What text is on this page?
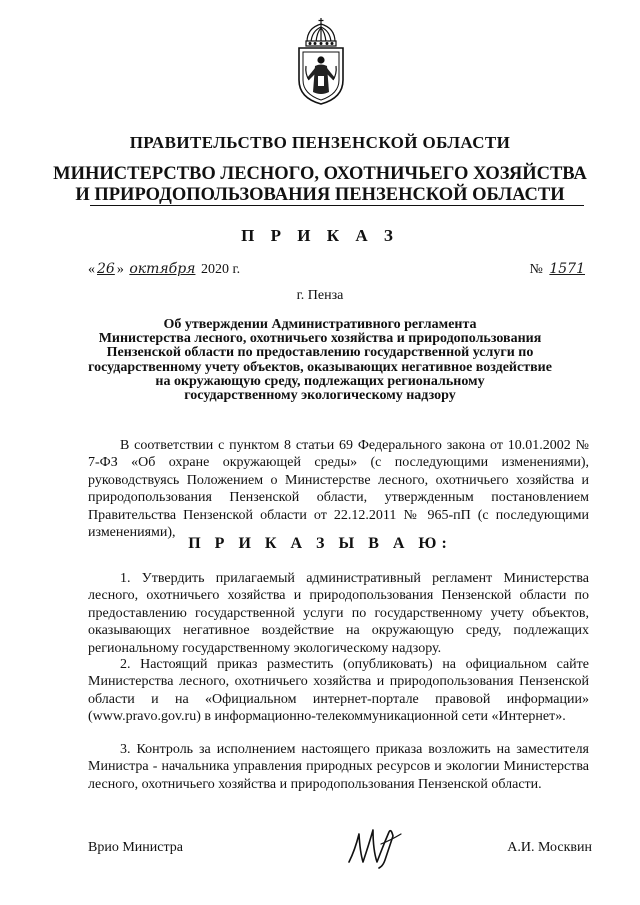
ПРАВИТЕЛЬСТВО ПЕНЗЕНСКОЙ ОБЛАСТИ
МИНИСТЕРСТВО ЛЕСНОГО, ОХОТНИЧЬЕГО ХОЗЯЙСТВА
И ПРИРОДОПОЛЬЗОВАНИЯ ПЕНЗЕНСКОЙ ОБЛАСТИ
П Р И К А З
« 26 » октября 2020 г.	№ 1571
г. Пенза
Об утверждении Административного регламента
Министерства лесного, охотничьего хозяйства и природопользования
Пензенской области по предоставлению государственной услуги по
государственному учету объектов, оказывающих негативное воздействие
на окружающую среду, подлежащих региональному
государственному экологическому надзору
В соответствии с пунктом 8 статьи 69 Федерального закона от 10.01.2002 № 7-ФЗ «Об охране окружающей среды» (с последующими изменениями), руководствуясь Положением о Министерстве лесного, охотничьего хозяйства и природопользования Пензенской области, утвержденным постановлением Правительства Пензенской области от 22.12.2011 № 965-пП (с последующими изменениями),
П Р И К А З Ы В А Ю:
1. Утвердить прилагаемый административный регламент Министерства лесного, охотничьего хозяйства и природопользования Пензенской области по предоставлению государственной услуги по государственному учету объектов, оказывающих негативное воздействие на окружающую среду, подлежащих региональному государственному экологическому надзору.
2. Настоящий приказ разместить (опубликовать) на официальном сайте Министерства лесного, охотничьего хозяйства и природопользования Пензенской области и на «Официальном интернет-портале правовой информации» (www.pravo.gov.ru) в информационно-телекоммуникационной сети «Интернет».
3. Контроль за исполнением настоящего приказа возложить на заместителя Министра - начальника управления природных ресурсов и экологии Министерства лесного, охотничьего хозяйства и природопользования Пензенской области.
Врио Министра	А.И. Москвин
